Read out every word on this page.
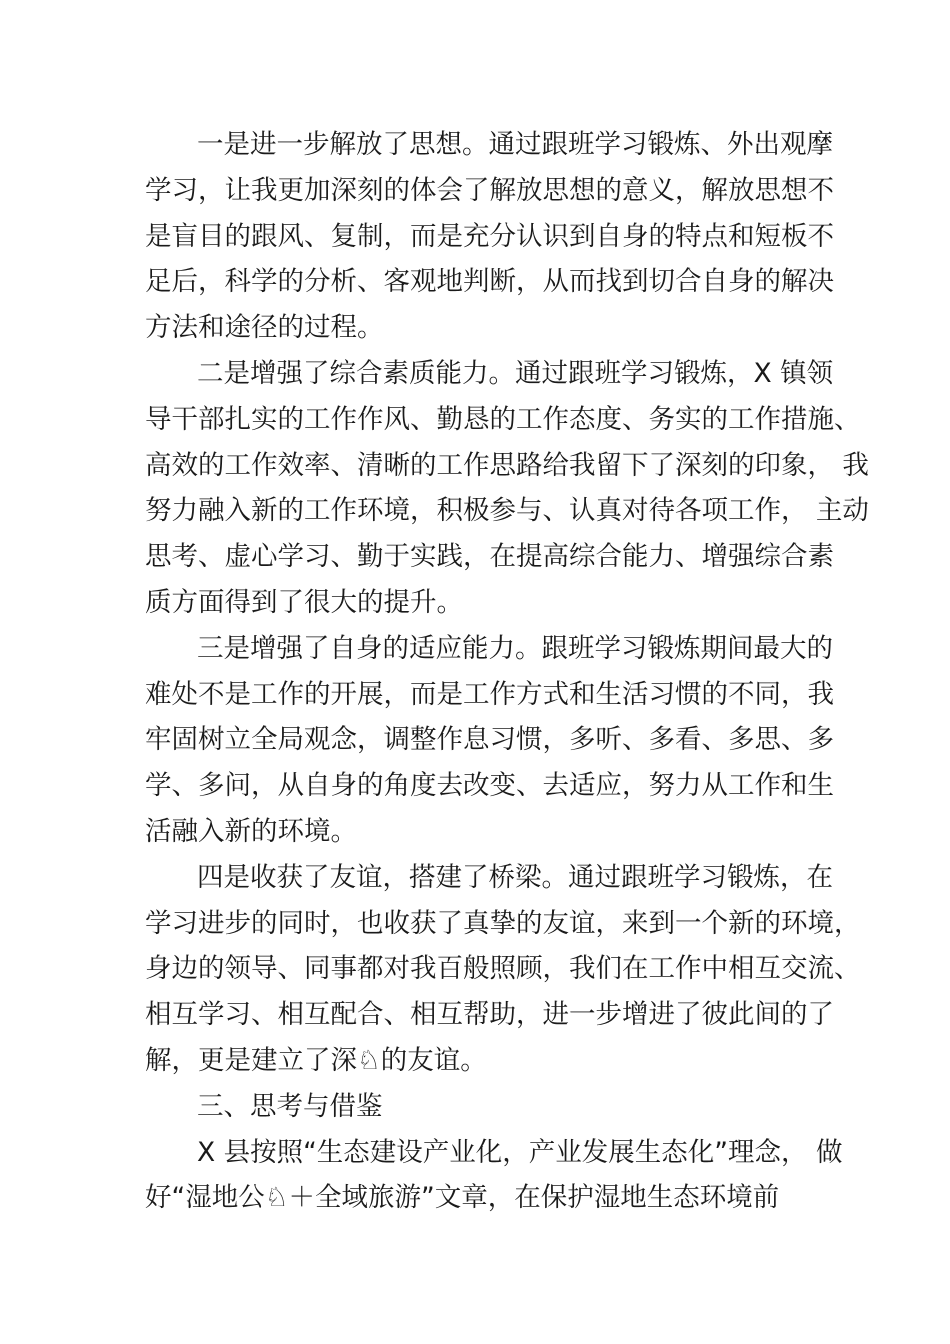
一是进一步解放了思想。通过跟班学习锻炼、外出观摩
学习，让我更加深刻的体会了解放思想的意义，解放思想不
是盲目的跟风、复制，而是充分认识到自身的特点和短板不
足后，科学的分析、客观地判断，从而找到切合自身的解决
方法和途径的过程。

二是增强了综合素质能力。通过跟班学习锻炼，X 镇领
导干部扎实的工作作风、勤恳的工作态度、务实的工作措施、
高效的工作效率、清晰的工作思路给我留下了深刻的印象， 我
努力融入新的工作环境，积极参与、认真对待各项工作， 主动
思考、虚心学习、勤于实践，在提高综合能力、增强综合素
质方面得到了很大的提升。

三是增强了自身的适应能力。跟班学习锻炼期间最大的
难处不是工作的开展，而是工作方式和生活习惯的不同，我
牢固树立全局观念，调整作息习惯，多听、多看、多思、多
学、多问，从自身的角度去改变、去适应，努力从工作和生
活融入新的环境。

四是收获了友谊，搭建了桥梁。通过跟班学习锻炼，在
学习进步的同时，也收获了真挚的友谊，来到一个新的环境，
身边的领导、同事都对我百般照顾，我们在工作中相互交流、
相互学习、相互配合、相互帮助，进一步增进了彼此间的了
解，更是建立了深♘的友谊。

三、思考与借鉴

X 县按照“生态建设产业化，产业发展生态化”理念， 做
好“湿地公♘＋全域旅游”文章，在保护湿地生态环境前
